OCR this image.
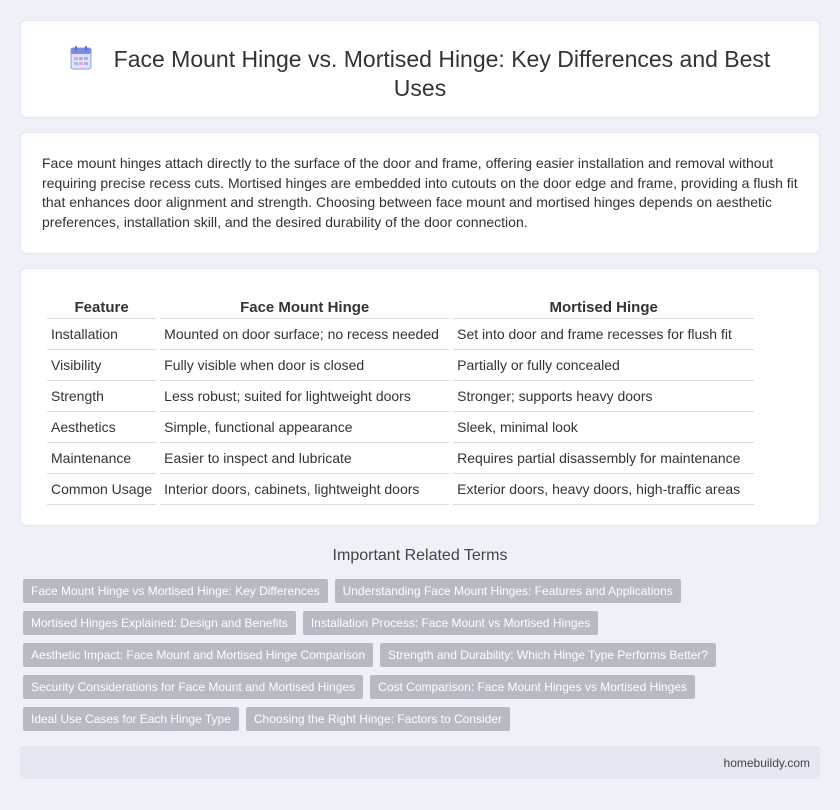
Face Mount Hinge vs. Mortised Hinge: Key Differences and Best Uses

Face mount hinges attach directly to the surface of the door and frame, offering easier installation and removal without requiring precise recess cuts. Mortised hinges are embedded into cutouts on the door edge and frame, providing a flush fit that enhances door alignment and strength. Choosing between face mount and mortised hinges depends on aesthetic preferences, installation skill, and the desired durability of the door connection.

Feature	Face Mount Hinge	Mortised Hinge
Installation	Mounted on door surface; no recess needed	Set into door and frame recesses for flush fit
Visibility	Fully visible when door is closed	Partially or fully concealed
Strength	Less robust; suited for lightweight doors	Stronger; supports heavy doors
Aesthetics	Simple, functional appearance	Sleek, minimal look
Maintenance	Easier to inspect and lubricate	Requires partial disassembly for maintenance
Common Usage	Interior doors, cabinets, lightweight doors	Exterior doors, heavy doors, high-traffic areas
Important Related Terms
Face Mount Hinge vs Mortised Hinge: Key Differences	Understanding Face Mount Hinges: Features and Applications
Mortised Hinges Explained: Design and Benefits	Installation Process: Face Mount vs Mortised Hinges
Aesthetic Impact: Face Mount and Mortised Hinge Comparison	Strength and Durability: Which Hinge Type Performs Better?
Security Considerations for Face Mount and Mortised Hinges	Cost Comparison: Face Mount Hinges vs Mortised Hinges
Ideal Use Cases for Each Hinge Type	Choosing the Right Hinge: Factors to Consider
homebuildy.com
